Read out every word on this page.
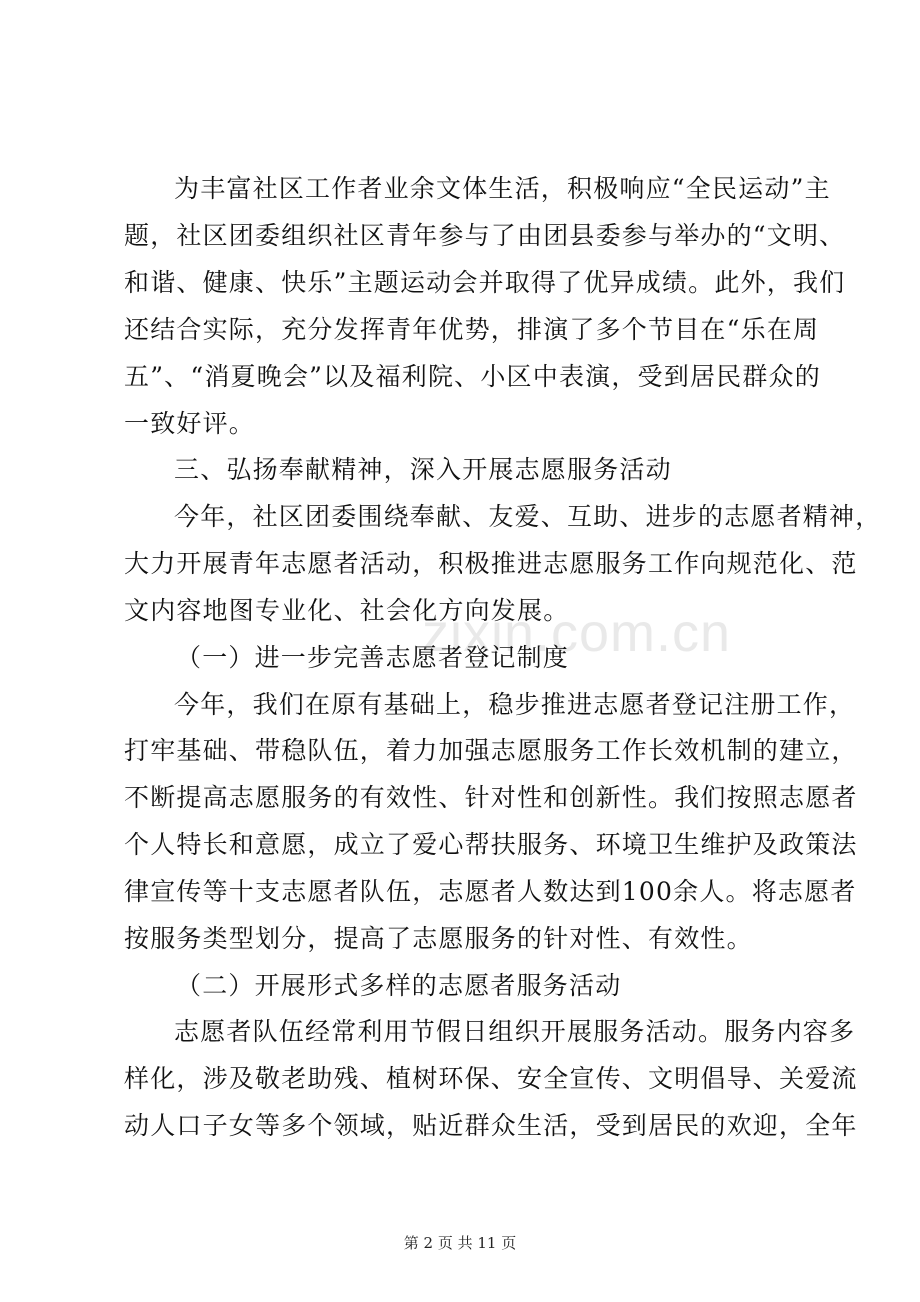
zixin.com.cn
为丰富社区工作者业余文体生活，积极响应“全民运动”主
题，社区团委组织社区青年参与了由团县委参与举办的“文明、
和谐、健康、快乐”主题运动会并取得了优异成绩。此外，我们
还结合实际，充分发挥青年优势，排演了多个节目在“乐在周
五”、“消夏晚会”以及福利院、小区中表演，受到居民群众的
一致好评。
三、弘扬奉献精神，深入开展志愿服务活动
今年，社区团委围绕奉献、友爱、互助、进步的志愿者精神，
大力开展青年志愿者活动，积极推进志愿服务工作向规范化、范
文内容地图专业化、社会化方向发展。
（一）进一步完善志愿者登记制度
今年，我们在原有基础上，稳步推进志愿者登记注册工作，
打牢基础、带稳队伍，着力加强志愿服务工作长效机制的建立，
不断提高志愿服务的有效性、针对性和创新性。我们按照志愿者
个人特长和意愿，成立了爱心帮扶服务、环境卫生维护及政策法
律宣传等十支志愿者队伍，志愿者人数达到100余人。将志愿者
按服务类型划分，提高了志愿服务的针对性、有效性。
（二）开展形式多样的志愿者服务活动
志愿者队伍经常利用节假日组织开展服务活动。服务内容多
样化，涉及敬老助残、植树环保、安全宣传、文明倡导、关爱流
动人口子女等多个领域，贴近群众生活，受到居民的欢迎，全年
第 2 页 共 11 页
